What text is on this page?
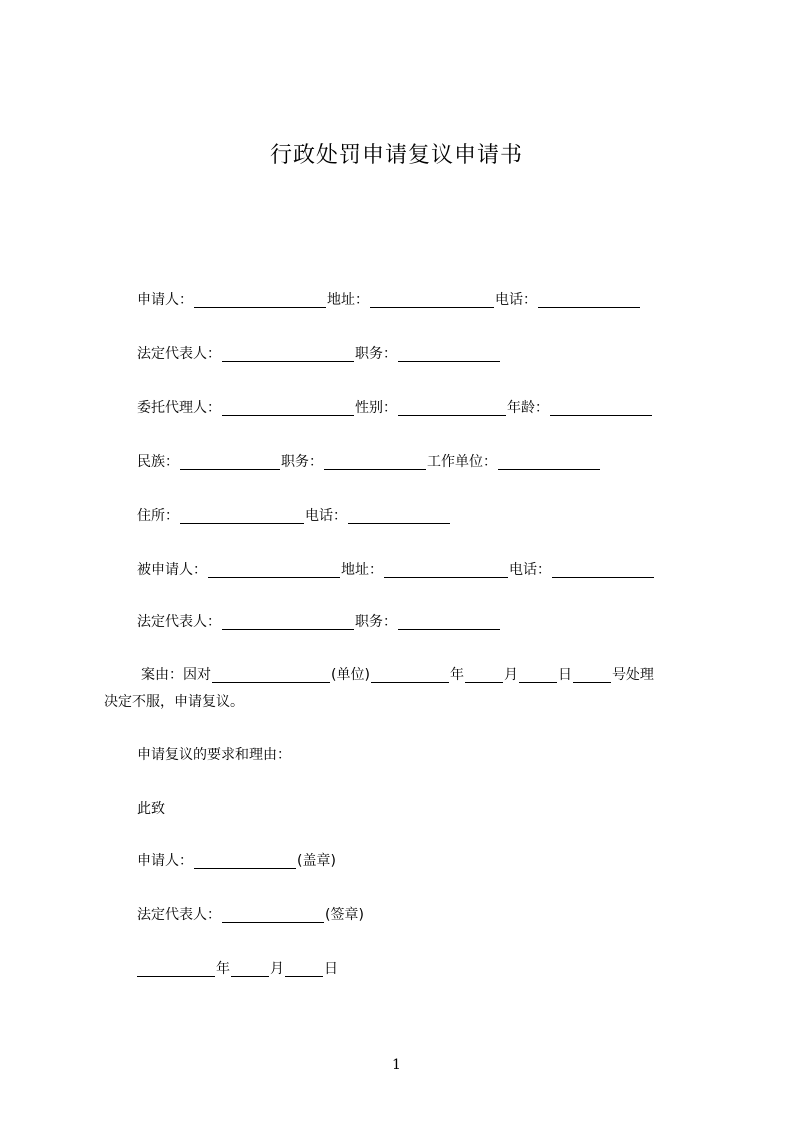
行政处罚申请复议申请书
申请人：	地址：	电话：
法定代表人：	职务：
委托代理人：	性别：	年龄：
民族：	职务：	工作单位：
住所：	电话：
被申请人：	地址：	电话：
法定代表人：	职务：
案由：因对	(单位)	年	月	日	号处理
决定不服，申请复议。
申请复议的要求和理由：
此致
申请人：	(盖章)
法定代表人：	(签章)
年	月	日
1
